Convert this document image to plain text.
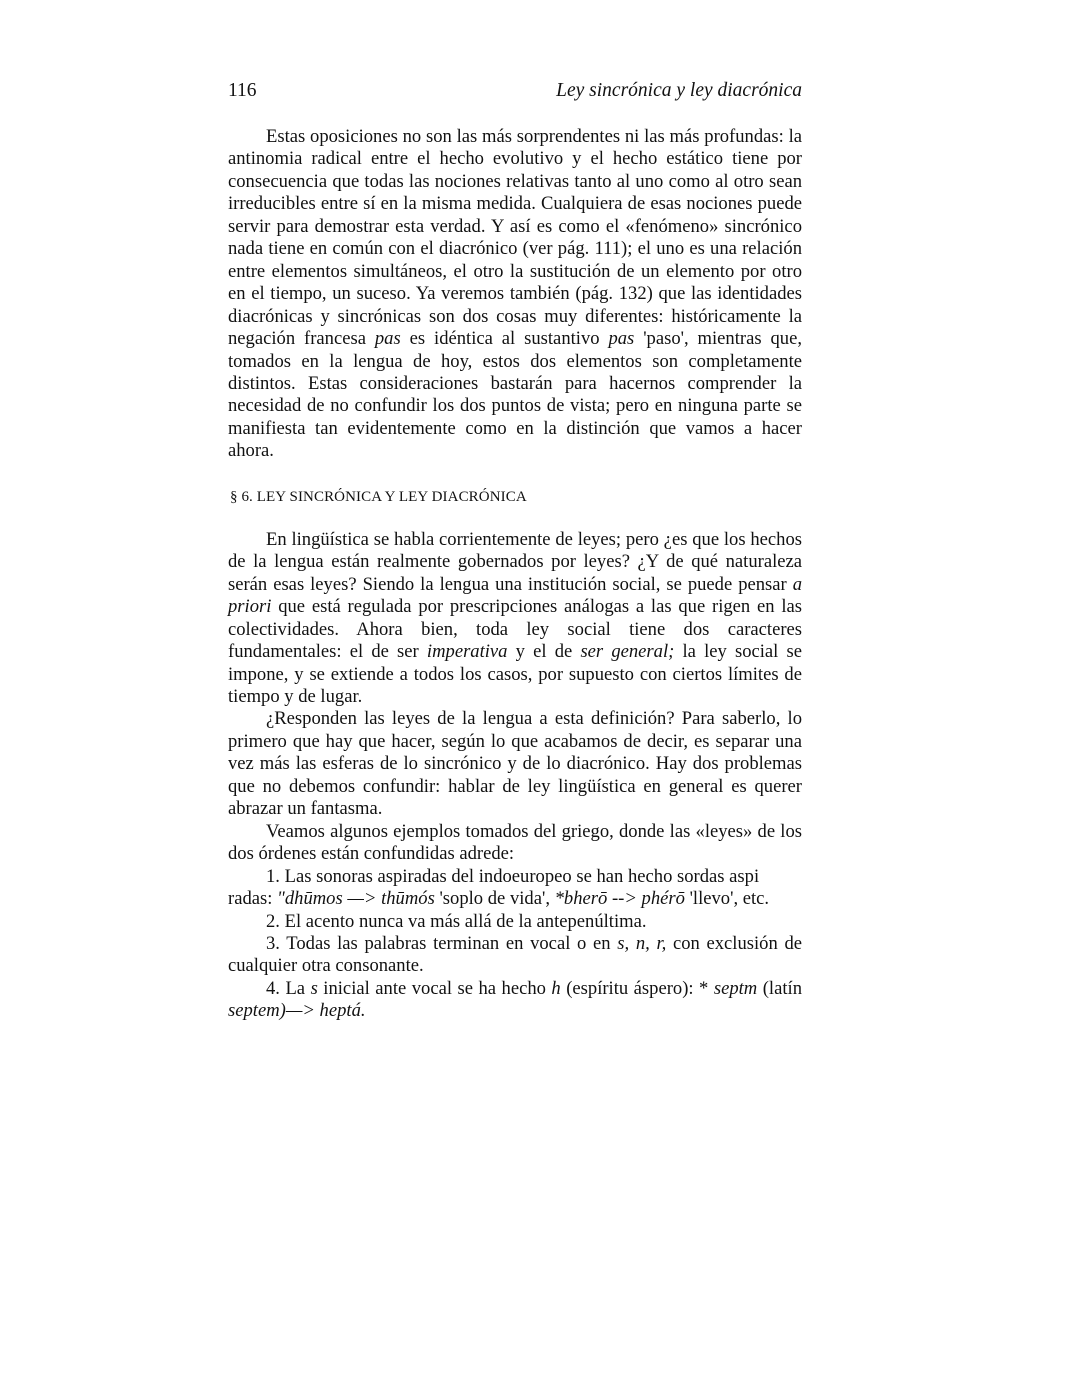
116	Ley sincrónica y ley diacrónica

Estas oposiciones no son las más sorprendentes ni las más profundas: la antinomia radical entre el hecho evolutivo y el hecho estático tiene por consecuencia que todas las nociones relativas tanto al uno como al otro sean irreducibles entre sí en la misma medida. Cualquiera de esas nociones puede servir para demostrar esta verdad. Y así es como el «fenómeno» sincrónico nada tiene en común con el diacrónico (ver pág. 111); el uno es una relación entre elementos simultáneos, el otro la sustitución de un elemento por otro en el tiempo, un suceso. Ya veremos también (pág. 132) que las identidades diacrónicas y sincrónicas son dos cosas muy diferentes: históricamente la negación francesa pas es idéntica al sustantivo pas 'paso', mientras que, tomados en la lengua de hoy, estos dos elementos son completamente distintos. Estas consideraciones bastarán para hacernos comprender la necesidad de no confundir los dos puntos de vista; pero en ninguna parte se manifiesta tan evidentemente como en la distinción que vamos a hacer ahora.

§ 6. LEY SINCRÓNICA Y LEY DIACRÓNICA

En lingüística se habla corrientemente de leyes; pero ¿es que los hechos de la lengua están realmente gobernados por leyes? ¿Y de qué naturaleza serán esas leyes? Siendo la lengua una institución social, se puede pensar a priori que está regulada por prescripciones análogas a las que rigen en las colectividades. Ahora bien, toda ley social tiene dos caracteres fundamentales: el de ser imperativa y el de ser general; la ley social se impone, y se extiende a todos los casos, por supuesto con ciertos límites de tiempo y de lugar.

¿Responden las leyes de la lengua a esta definición? Para saberlo, lo primero que hay que hacer, según lo que acabamos de decir, es separar una vez más las esferas de lo sincrónico y de lo diacrónico. Hay dos problemas que no debemos confundir: hablar de ley lingüística en general es querer abrazar un fantasma.

Veamos algunos ejemplos tomados del griego, donde las «leyes» de los dos órdenes están confundidas adrede:

1. Las sonoras aspiradas del indoeuropeo se han hecho sordas aspi radas: "dhūmos —> thūmós 'soplo de vida', *bherō --> phérō 'llevo', etc.

2. El acento nunca va más allá de la antepenúltima.

3. Todas las palabras terminan en vocal o en s, n, r, con exclusión de cualquier otra consonante.

4. La s inicial ante vocal se ha hecho h (espíritu áspero): * septm (latín septem)—> heptá.
